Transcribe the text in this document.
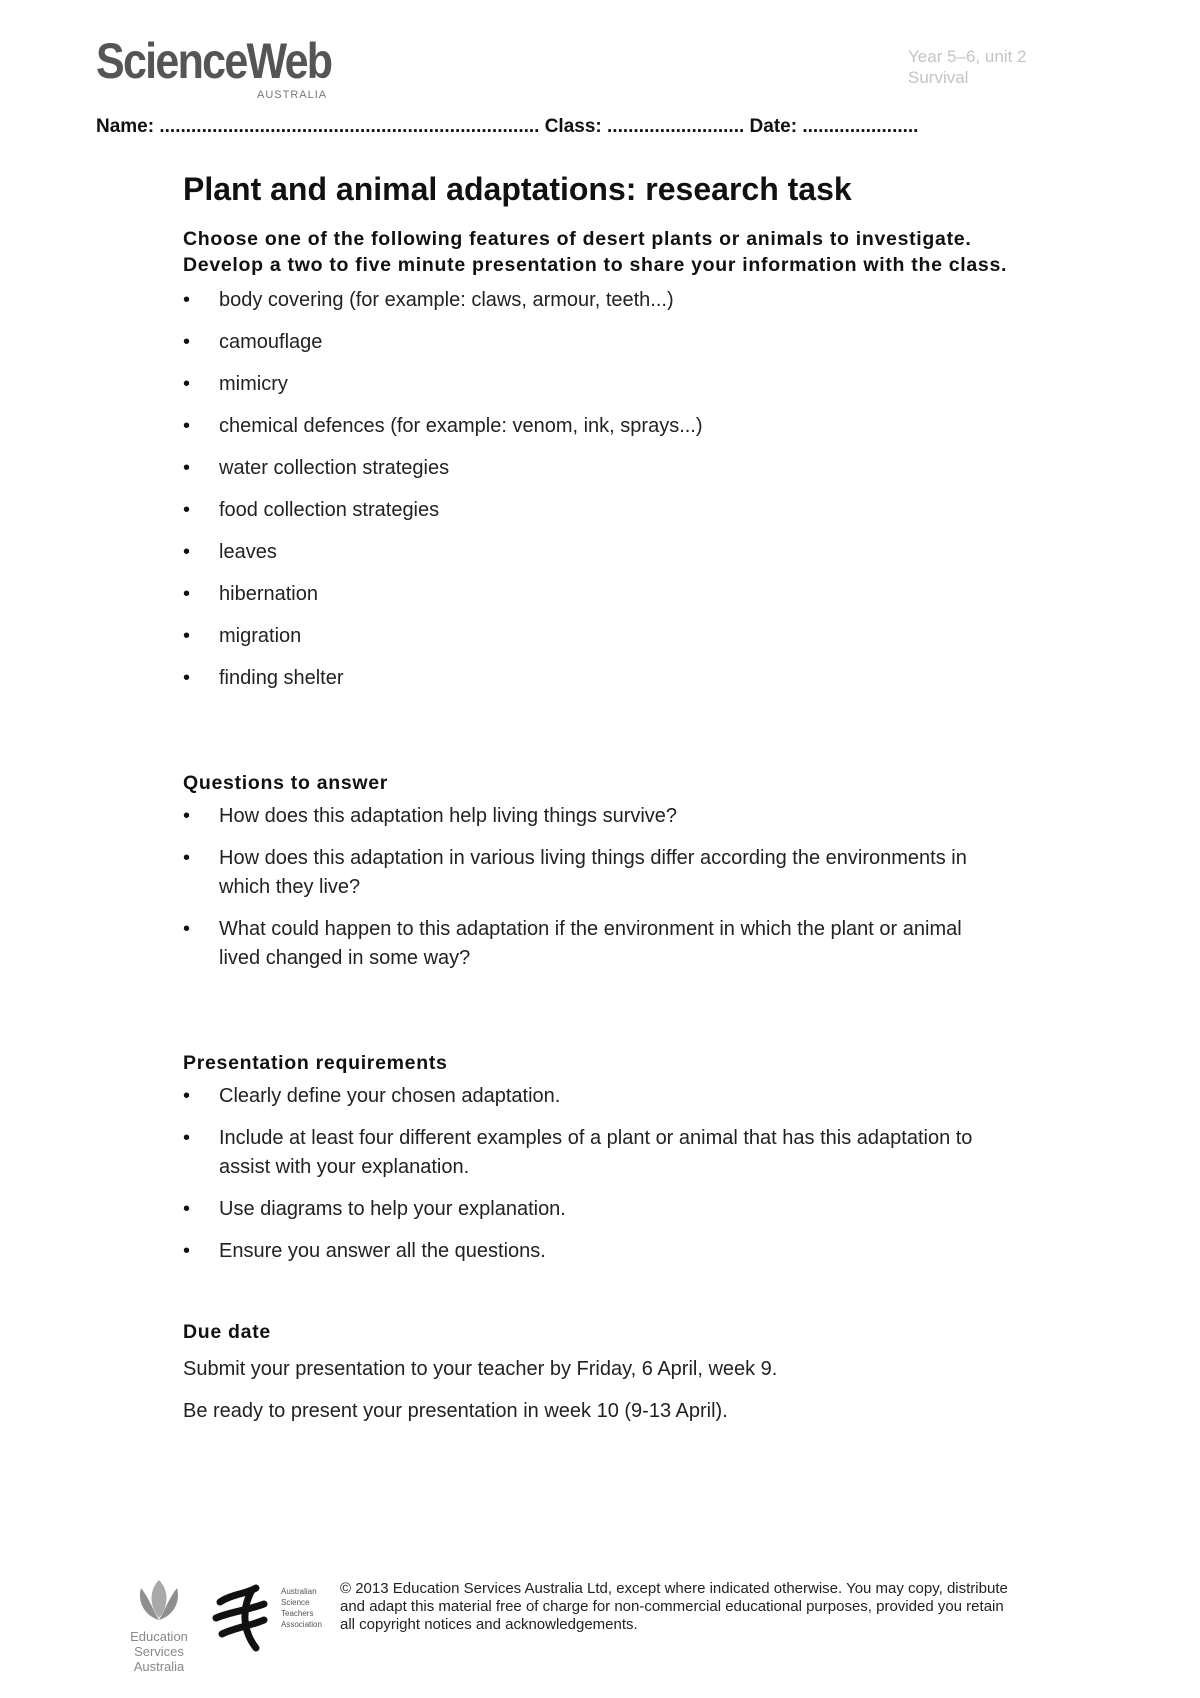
ScienceWeb
AUSTRALIA
Year 5–6, unit 2
Survival
Name: ........................................................................ Class: .......................... Date: ......................
Plant and animal adaptations: research task
Choose one of the following features of desert plants or animals to investigate. Develop a two to five minute presentation to share your information with the class.
• body covering (for example: claws, armour, teeth...)
• camouflage
• mimicry
• chemical defences (for example: venom, ink, sprays...)
• water collection strategies
• food collection strategies
• leaves
• hibernation
• migration
• finding shelter
Questions to answer
• How does this adaptation help living things survive?
• How does this adaptation in various living things differ according the environments in which they live?
• What could happen to this adaptation if the environment in which the plant or animal lived changed in some way?
Presentation requirements
• Clearly define your chosen adaptation.
• Include at least four different examples of a plant or animal that has this adaptation to assist with your explanation.
• Use diagrams to help your explanation.
• Ensure you answer all the questions.
Due date

Submit your presentation to your teacher by Friday, 6 April, week 9.

Be ready to present your presentation in week 10 (9-13 April).

Education
Services
Australia
Australian
Science
Teachers
Association
© 2013 Education Services Australia Ltd, except where indicated otherwise. You may copy, distribute and adapt this material free of charge for non-commercial educational purposes, provided you retain all copyright notices and acknowledgements.
